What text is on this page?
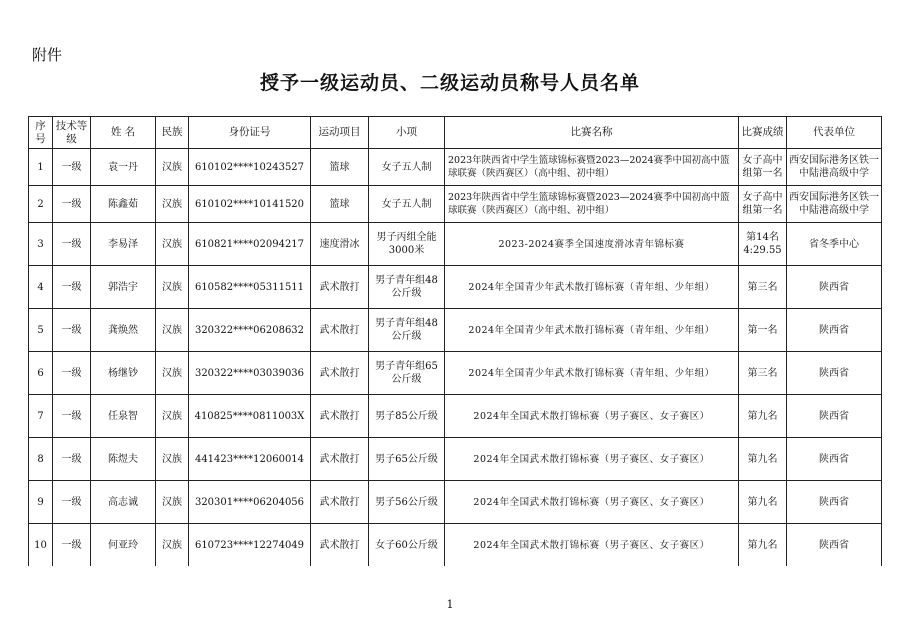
附件
授予一级运动员、二级运动员称号人员名单
序号	技术等级	姓 名	民族	身份证号	运动项目	小项	比赛名称	比赛成绩	代表单位
1	一级	袁一丹	汉族	610102****10243527	篮球	女子五人制	2023年陕西省中学生篮球锦标赛暨2023—2024赛季中国初高中篮球联赛（陕西赛区）（高中组、初中组）	女子高中组第一名	西安国际港务区铁一中陆港高级中学
2	一级	陈鑫茹	汉族	610102****10141520	篮球	女子五人制	2023年陕西省中学生篮球锦标赛暨2023—2024赛季中国初高中篮球联赛（陕西赛区）（高中组、初中组）	女子高中组第一名	西安国际港务区铁一中陆港高级中学
3	一级	李易泽	汉族	610821****02094217	速度滑冰	男子丙组全能3000米	2023-2024赛季全国速度滑冰青年锦标赛	第14名4:29.55	省冬季中心
4	一级	郭浩宇	汉族	610582****05311511	武术散打	男子青年组48公斤级	2024年全国青少年武术散打锦标赛（青年组、少年组）	第三名	陕西省
5	一级	龚焕然	汉族	320322****06208632	武术散打	男子青年组48公斤级	2024年全国青少年武术散打锦标赛（青年组、少年组）	第一名	陕西省
6	一级	杨继钞	汉族	320322****03039036	武术散打	男子青年组65公斤级	2024年全国青少年武术散打锦标赛（青年组、少年组）	第三名	陕西省
7	一级	任泉智	汉族	410825****0811003X	武术散打	男子85公斤级	2024年全国武术散打锦标赛（男子赛区、女子赛区）	第九名	陕西省
8	一级	陈煜夫	汉族	441423****12060014	武术散打	男子65公斤级	2024年全国武术散打锦标赛（男子赛区、女子赛区）	第九名	陕西省
9	一级	高志诚	汉族	320301****06204056	武术散打	男子56公斤级	2024年全国武术散打锦标赛（男子赛区、女子赛区）	第九名	陕西省
10	一级	何亚玲	汉族	610723****12274049	武术散打	女子60公斤级	2024年全国武术散打锦标赛（男子赛区、女子赛区）	第九名	陕西省
1
